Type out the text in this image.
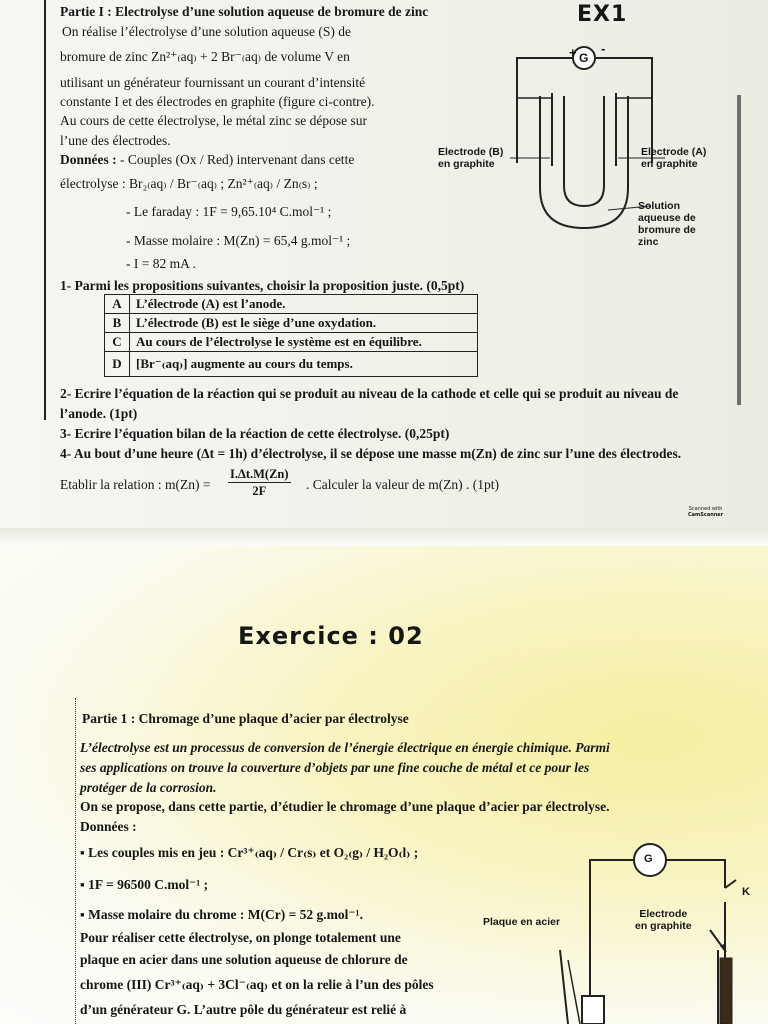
Partie I : Electrolyse d’une solution aqueuse de bromure de zinc	EX1
On réalise l’électrolyse d’une solution aqueuse (S) de
bromure de zinc Zn²⁺₍aq₎ + 2 Br⁻₍aq₎ de volume V en
utilisant un générateur fournissant un courant d’intensité
constante I et des électrodes en graphite (figure ci-contre).
Au cours de cette électrolyse, le métal zinc se dépose sur
l’une des électrodes.
Données : - Couples (Ox / Red) intervenant dans cette
électrolyse : Br₂₍aq₎ / Br⁻₍aq₎ ; Zn²⁺₍aq₎ / Zn₍s₎ ;
- Le faraday : 1F = 9,65.10⁴ C.mol⁻¹ ;
- Masse molaire : M(Zn) = 65,4 g.mol⁻¹ ;
- I = 82 mA .
+ -
G
Electrode (B)
en graphite
Electrode (A)
en graphite
Solution
aqueuse de
bromure de
zinc
1- Parmi les propositions suivantes, choisir la proposition juste. (0,5pt)
A	L’électrode (A) est l’anode.
B	L’électrode (B) est le siège d’une oxydation.
C	Au cours de l’électrolyse le système est en équilibre.
D	[Br⁻₍aq₎] augmente au cours du temps.
2- Ecrire l’équation de la réaction qui se produit au niveau de la cathode et celle qui se produit au niveau de
l’anode. (1pt)
3- Ecrire l’équation bilan de la réaction de cette électrolyse. (0,25pt)
4- Au bout d’une heure (Δt = 1h) d’électrolyse, il se dépose une masse m(Zn) de zinc sur l’une des électrodes.
Etablir la relation : m(Zn) =
I.Δt.M(Zn)
2F	. Calculer la valeur de m(Zn) . (1pt)
Scanned with
CamScanner
Exercice : 02
Partie 1 : Chromage d’une plaque d’acier par électrolyse
L’électrolyse est un processus de conversion de l’énergie électrique en énergie chimique. Parmi
ses applications on trouve la couverture d’objets par une fine couche de métal et ce pour les
protéger de la corrosion.
On se propose, dans cette partie, d’étudier le chromage d’une plaque d’acier par électrolyse.
Données :
▪ Les couples mis en jeu : Cr³⁺₍aq₎ / Cr₍s₎ et O₂₍g₎ / H₂O₍l₎ ;
▪ 1F = 96500 C.mol⁻¹ ;
▪ Masse molaire du chrome : M(Cr) = 52 g.mol⁻¹.
Pour réaliser cette électrolyse, on plonge totalement une
plaque en acier dans une solution aqueuse de chlorure de
chrome (III) Cr³⁺₍aq₎ + 3Cl⁻₍aq₎ et on la relie à l’un des pôles
d’un générateur G. L’autre pôle du générateur est relié à
G
K
Plaque en acier
Electrode
en graphite
